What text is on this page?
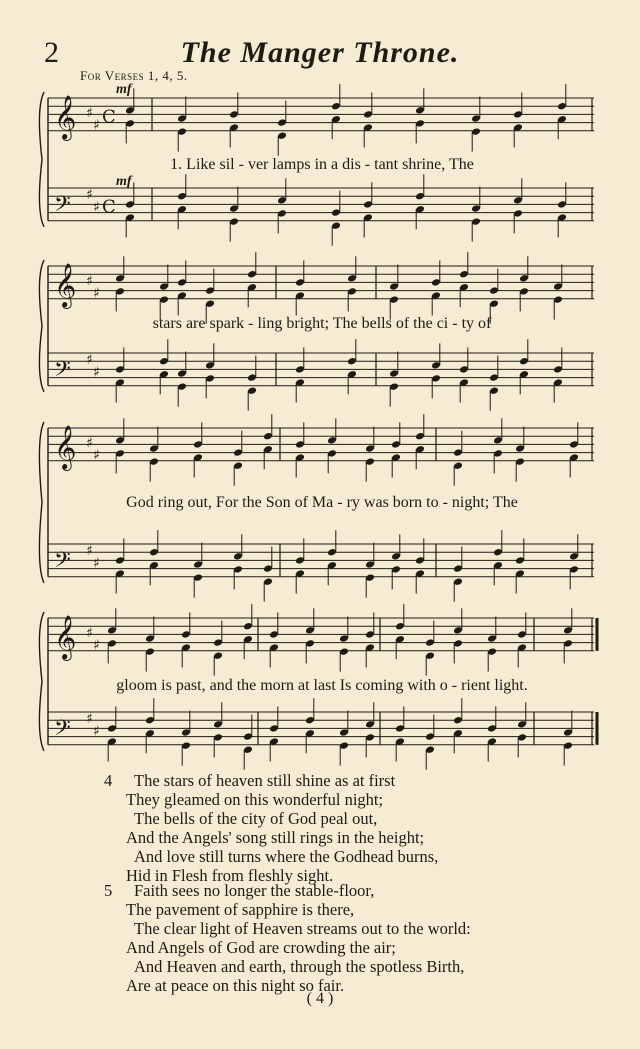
2	The Manger Throne.
For Verses 1, 4, 5.
mf
mf
𝄞 ♯
♯ C
𝄢 ♯
♯ C
𝄞 ♯
♯
𝄢 ♯
♯
𝄞 ♯
♯
𝄢 ♯
♯
𝄞 ♯
♯
𝄢 ♯
♯
1. Like sil - ver lamps in a dis - tant shrine, The
stars are spark - ling bright; The bells of the ci - ty of
God ring out, For the Son of Ma - ry was born to - night; The
gloom is past, and the morn at last Is coming with o - rient light.
4	The stars of heaven still shine as at first
They gleamed on this wonderful night;
The bells of the city of God peal out,
And the Angels' song still rings in the height;
And love still turns where the Godhead burns,
Hid in Flesh from fleshly sight.
5	Faith sees no longer the stable-floor,
The pavement of sapphire is there,
The clear light of Heaven streams out to the world:
And Angels of God are crowding the air;
And Heaven and earth, through the spotless Birth,
Are at peace on this night so fair.
( 4 )
